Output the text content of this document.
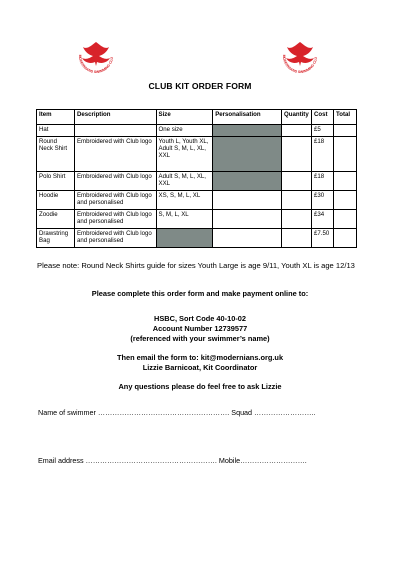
MODERNIANS SWIMMING CLU
MODERNIANS SWIMMING CLU
CLUB KIT ORDER FORM
Item	Description	Size	Personalisation	Quantity	Cost	Total
Hat		One size			£5	
Round Neck Shirt	Embroidered with Club logo	Youth L, Youth XL, Adult S, M, L, XL, XXL			£18	
Polo Shirt	Embroidered with Club logo	Adult S, M, L, XL, XXL			£18	
Hoodie	Embroidered with Club logo and personalised	XS, S, M, L, XL			£30	
Zoodie	Embroidered with Club logo and personalised	S, M, L, XL			£34	
Drawstring Bag	Embroidered with Club logo and personalised				£7.50	
Please note: Round Neck Shirts guide for sizes Youth Large is age 9/11, Youth XL is age 12/13
Please complete this order form and make payment online to:
HSBC, Sort Code 40-10-02
Account Number 12739577
(referenced with your swimmer’s name)
Then email the form to: kit@modernians.org.uk
Lizzie Barnicoat, Kit Coordinator
Any questions please do feel free to ask Lizzie
Name of swimmer ………………………………………………. Squad ……………………..
Email address ………………………………………………. Mobile……………………….
